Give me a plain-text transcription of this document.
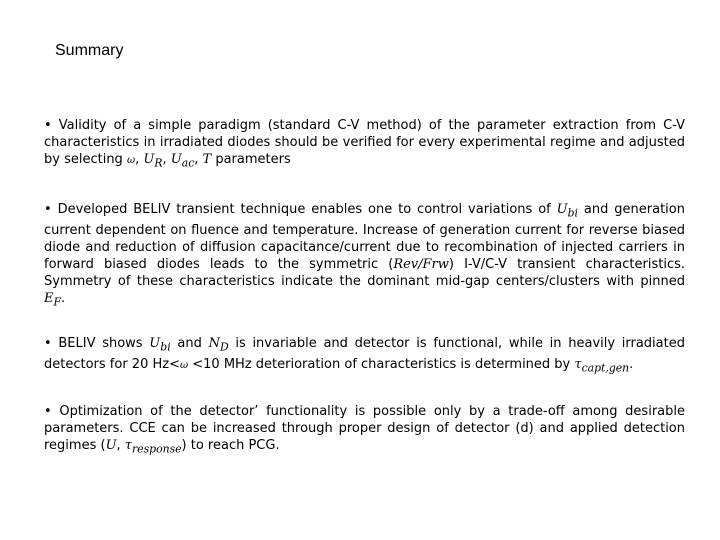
Summary
• Validity of a simple paradigm (standard C-V method) of the parameter extraction from C-V characteristics in irradiated diodes should be verified for every experimental regime and adjusted by selecting ω, $U_R$, $U_{ac}$, T parameters
• Developed BELIV transient technique enables one to control variations of $U_{bi}$ and generation current dependent on fluence and temperature. Increase of generation current for reverse biased diode and reduction of diffusion capacitance/current due to recombination of injected carriers in forward biased diodes leads to the symmetric (Rev/Frw) I-V/C-V transient characteristics. Symmetry of these characteristics indicate the dominant mid-gap centers/clusters with pinned $E_F$.
• BELIV shows $U_{bi}$ and $N_D$ is invariable and detector is functional, while in heavily irradiated detectors for 20 Hz<ω <10 MHz deterioration of characteristics is determined by $\tau_{capt,gen}$.
• Optimization of the detector’ functionality is possible only by a trade-off among desirable parameters. CCE can be increased through proper design of detector (d) and applied detection regimes (U, $\tau_{response}$) to reach PCG.
